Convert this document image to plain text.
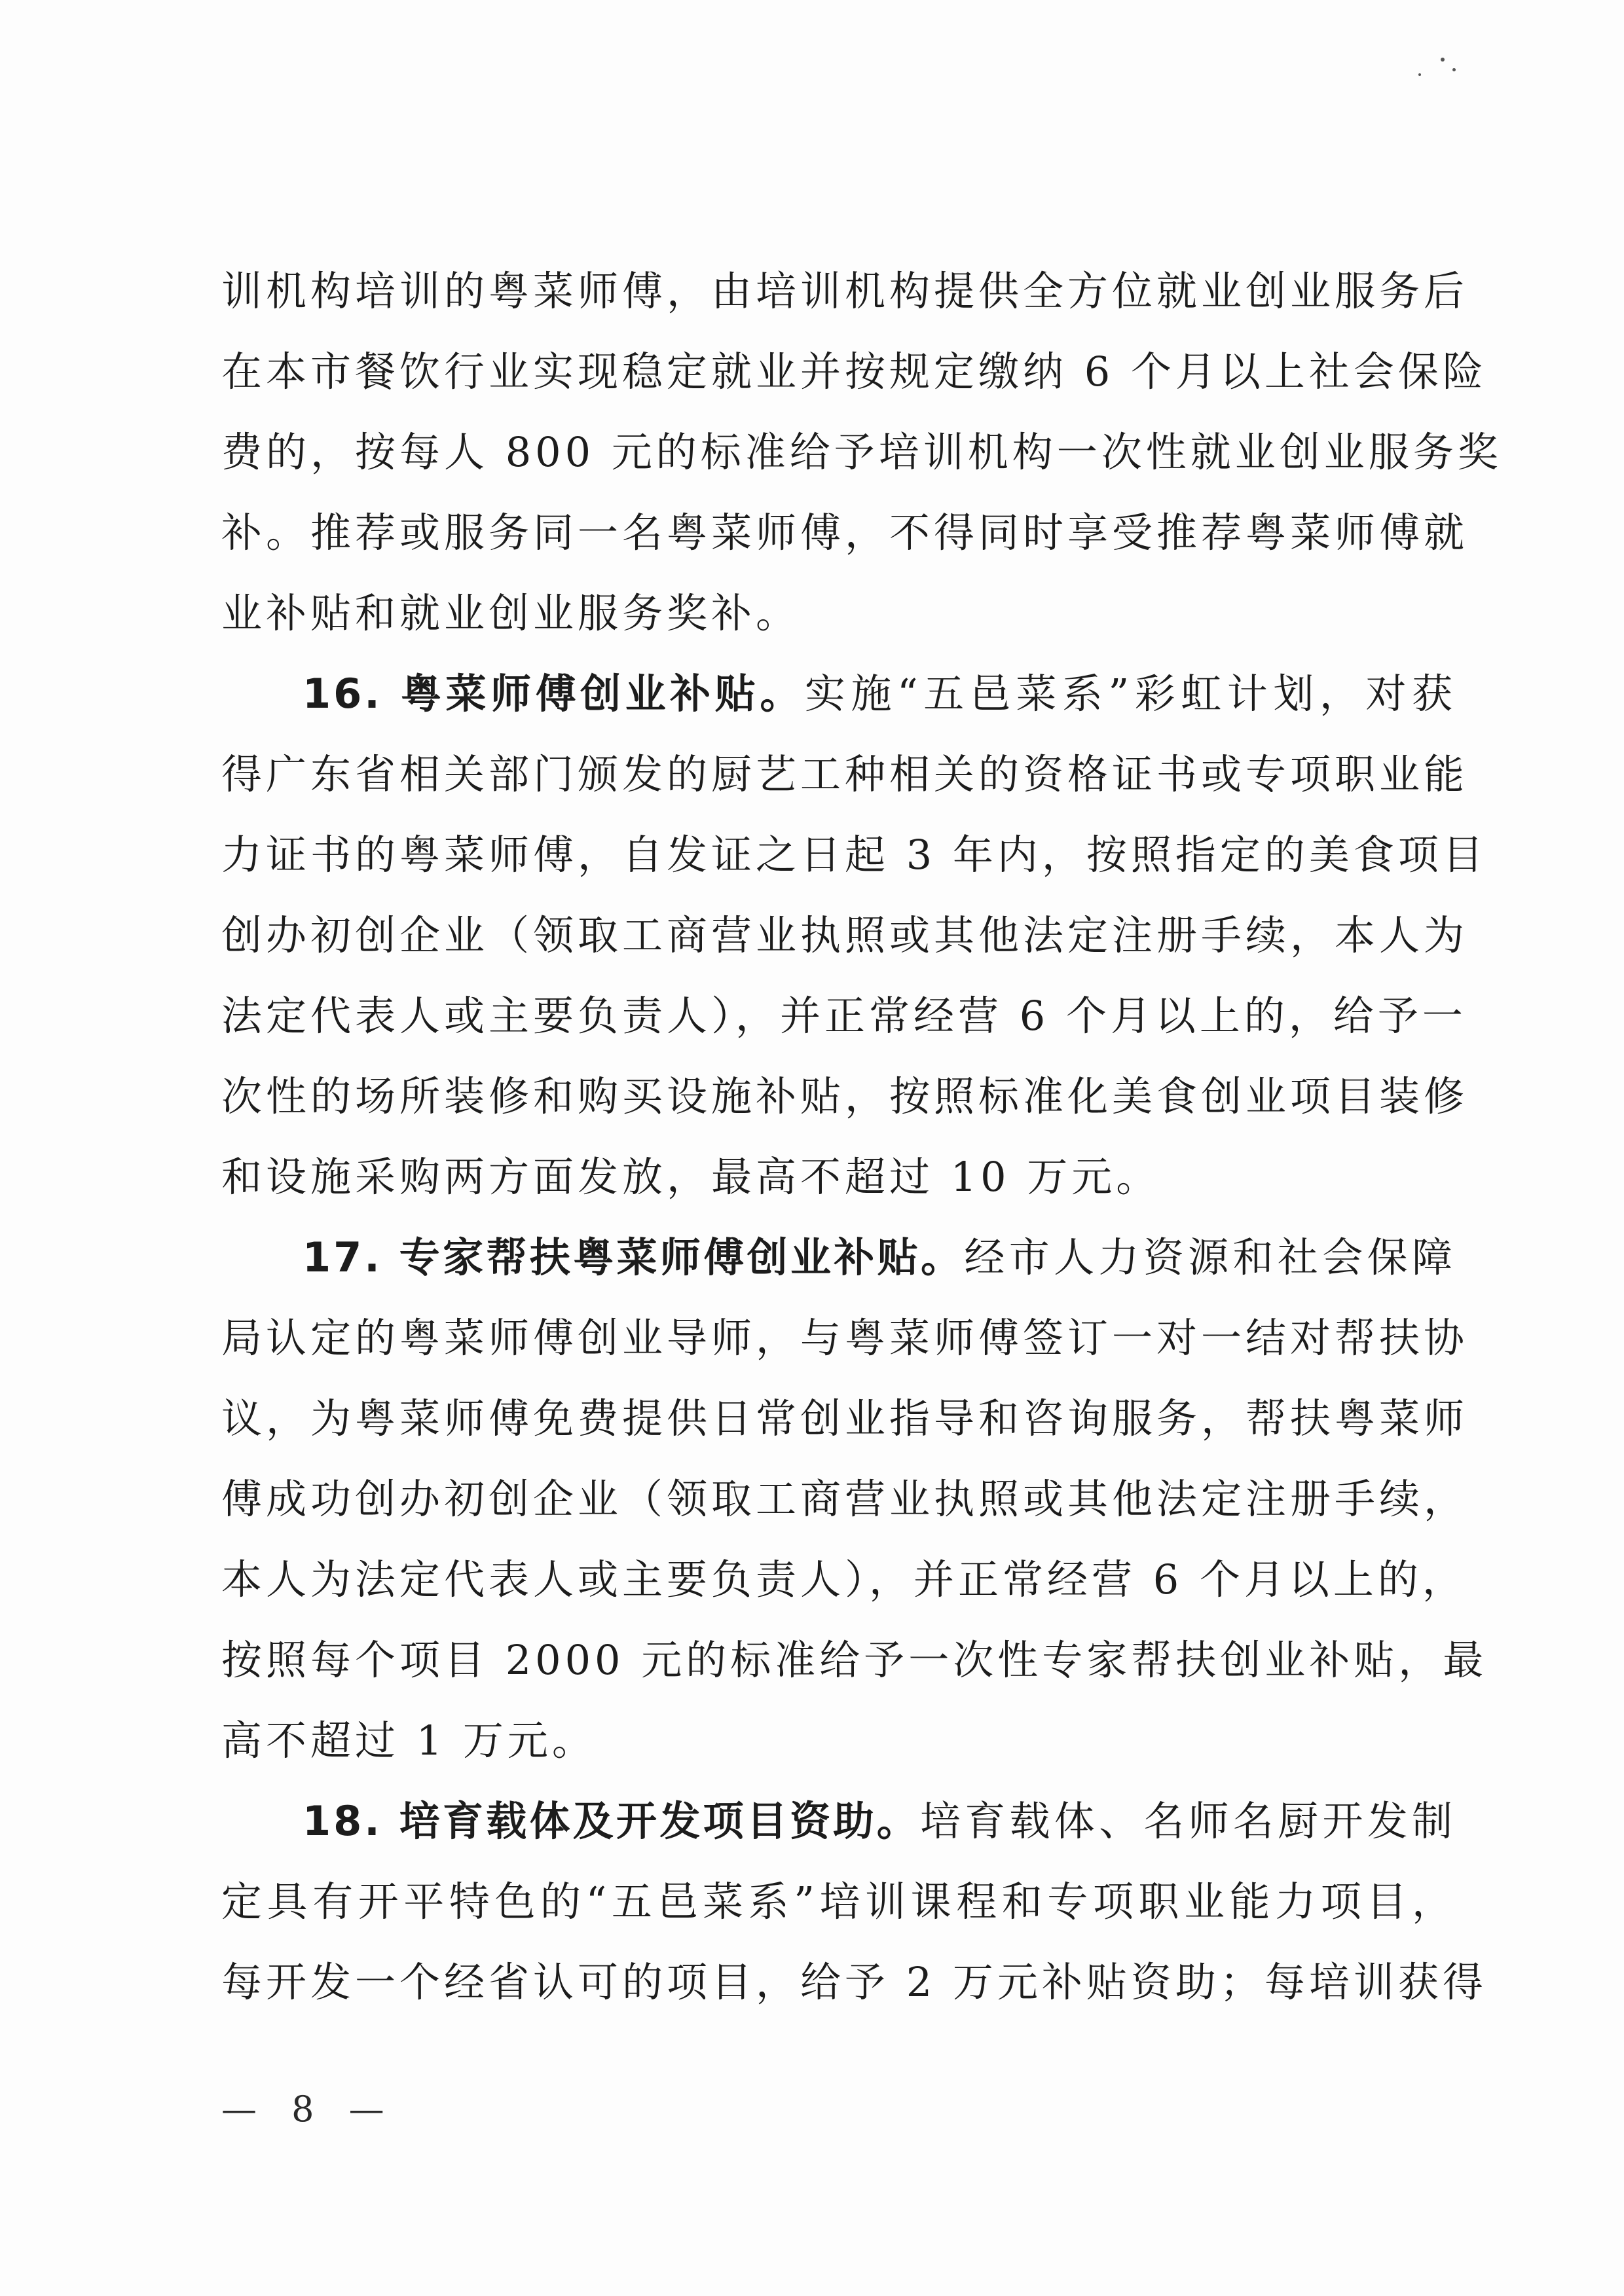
训机构培训的粤菜师傅，由培训机构提供全方位就业创业服务后
在本市餐饮行业实现稳定就业并按规定缴纳 6 个月以上社会保险
费的，按每人 800 元的标准给予培训机构一次性就业创业服务奖
补。推荐或服务同一名粤菜师傅，不得同时享受推荐粤菜师傅就
业补贴和就业创业服务奖补。
16. 粤菜师傅创业补贴。实施“五邑菜系”彩虹计划，对获
得广东省相关部门颁发的厨艺工种相关的资格证书或专项职业能
力证书的粤菜师傅，自发证之日起 3 年内，按照指定的美食项目
创办初创企业（领取工商营业执照或其他法定注册手续，本人为
法定代表人或主要负责人），并正常经营 6 个月以上的，给予一
次性的场所装修和购买设施补贴，按照标准化美食创业项目装修
和设施采购两方面发放，最高不超过 10 万元。
17. 专家帮扶粤菜师傅创业补贴。经市人力资源和社会保障
局认定的粤菜师傅创业导师，与粤菜师傅签订一对一结对帮扶协
议，为粤菜师傅免费提供日常创业指导和咨询服务，帮扶粤菜师
傅成功创办初创企业（领取工商营业执照或其他法定注册手续，
本人为法定代表人或主要负责人），并正常经营 6 个月以上的，
按照每个项目 2000 元的标准给予一次性专家帮扶创业补贴，最
高不超过 1 万元。
18. 培育载体及开发项目资助。培育载体、名师名厨开发制
定具有开平特色的“五邑菜系”培训课程和专项职业能力项目，
每开发一个经省认可的项目，给予 2 万元补贴资助；每培训获得
— 8 —
